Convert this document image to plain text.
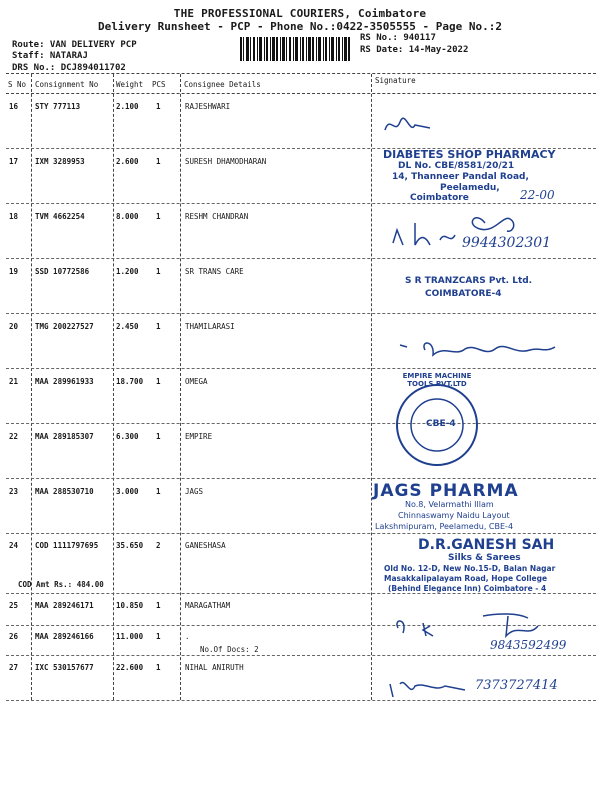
THE PROFESSIONAL COURIERS, Coimbatore
Delivery Runsheet - PCP - Phone No.:0422-3505555 - Page No.:2
Route: VAN DELIVERY PCP
Staff: NATARAJ
DRS No.: DCJ894011702
RS No.: 940117
RS Date: 14-May-2022
S No Consignment No Weight PCS Consignee Details	Signature
16 STY 777113	2.100 1	RAJESHWARI
17 IXM 3289953	2.600 1	SURESH DHAMODHARAN
18 TVM 4662254	8.000 1	RESHM CHANDRAN
19 SSD 10772586	1.200 1	SR TRANS CARE
20 TMG 200227527	2.450 1	THAMILARASI
21 MAA 289961933	18.700 1	OMEGA
22 MAA 289185307	6.300 1	EMPIRE
23 MAA 288530710	3.000 1	JAGS
24 COD 1111797695 35.650 2	GANESHASA
25 MAA 289246171	10.850 1	MARAGATHAM
26 MAA 289246166	11.000 1	.
27 IXC 530157677	22.600 1	NIHAL ANIRUTH
COD Amt Rs.: 484.00
No.Of Docs: 2
DIABETES SHOP PHARMACY
DL No. CBE/8581/20/21
14, Thanneer Pandal Road,
Peelamedu,
Coimbatore	22-00
9944302301
S R TRANZCARS Pvt. Ltd.
COIMBATORE-4
EMPIRE MACHINE TOOLS PVT.LTD
CBE-4
JAGS PHARMA
No.8, Velarmathi Illam
Chinnaswamy Naidu Layout
Lakshmipuram, Peelamedu, CBE-4
D.R.GANESH SAH
Silks & Sarees
Old No. 12-D, New No.15-D, Balan Nagar
Masakkalipalayam Road, Hope College
(Behind Elegance Inn) Coimbatore - 4
9843592499
7373727414
